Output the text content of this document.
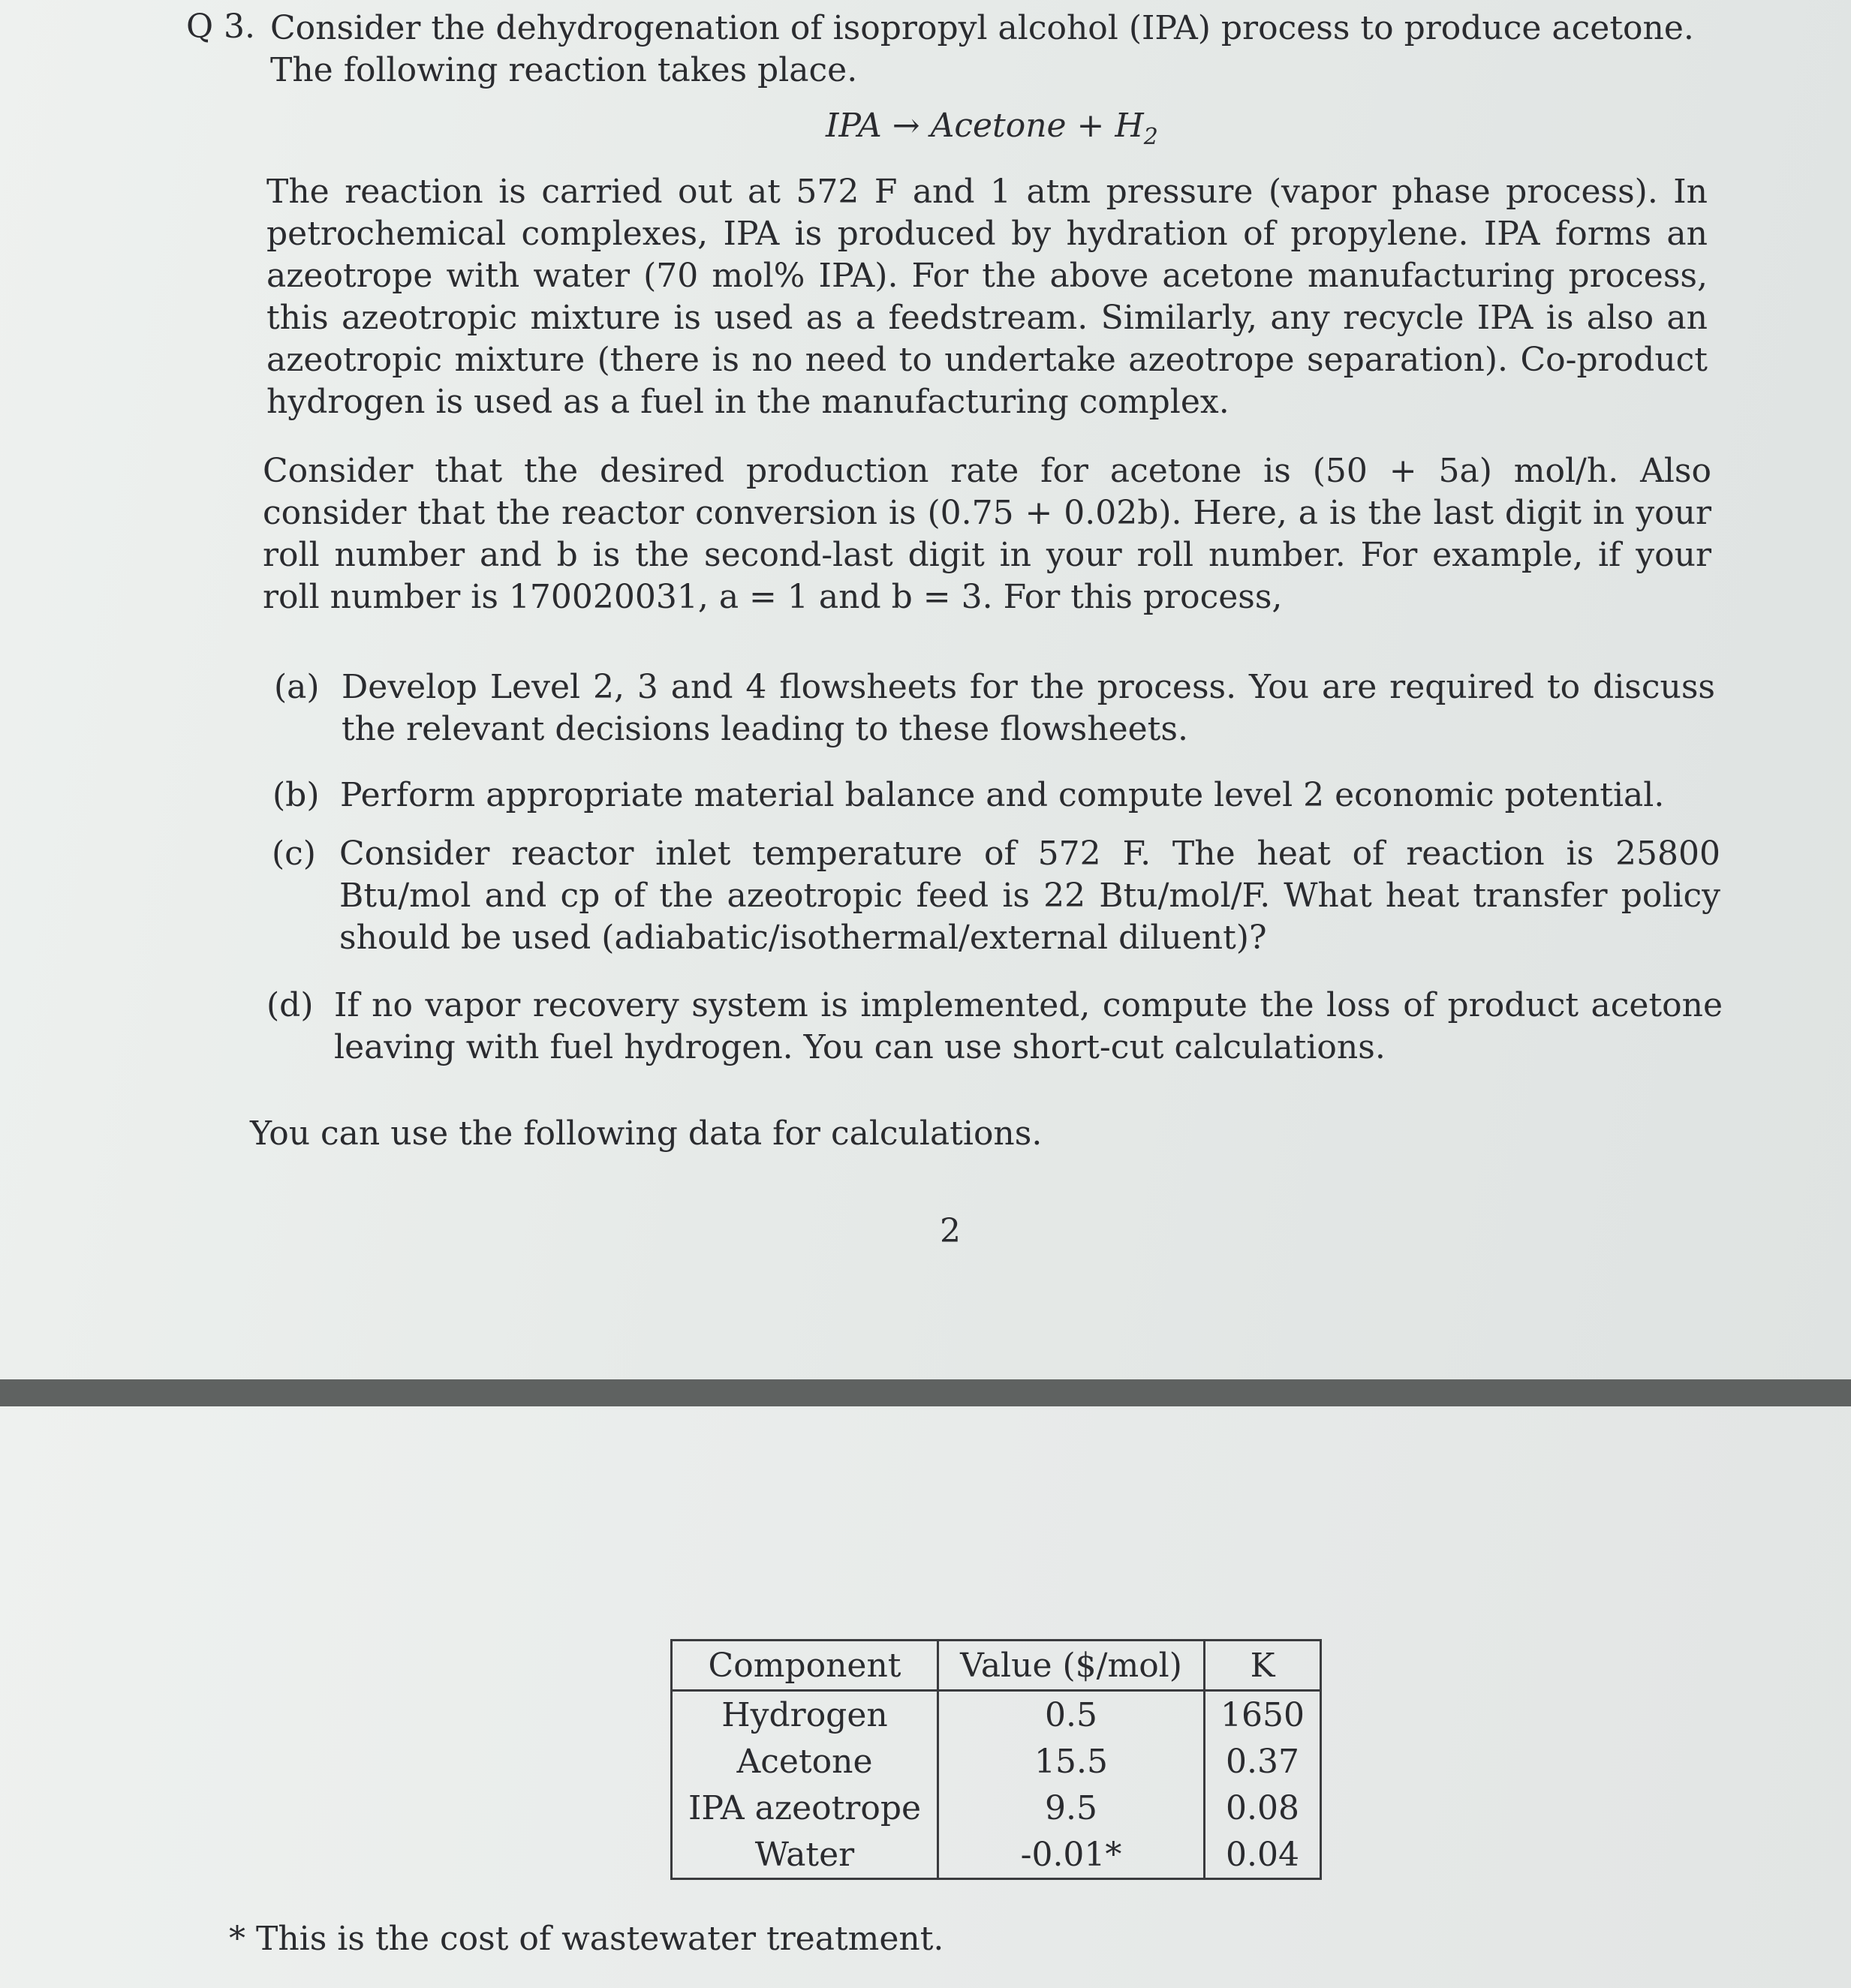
Q 3. Consider the dehydrogenation of isopropyl alcohol (IPA) process to produce acetone. The following reaction takes place.

IPA → Acetone + $H_2$

The reaction is carried out at 572 F and 1 atm pressure (vapor phase process). In petrochemical complexes, IPA is produced by hydration of propylene. IPA forms an azeotrope with water (70 mol% IPA). For the above acetone manufacturing process, this azeotropic mixture is used as a feedstream. Similarly, any recycle IPA is also an azeotropic mixture (there is no need to undertake azeotrope separation). Co-product hydrogen is used as a fuel in the manufacturing complex.

Consider that the desired production rate for acetone is (50 + 5a) mol/h. Also consider that the reactor conversion is (0.75 + 0.02b). Here, a is the last digit in your roll number and b is the second-last digit in your roll number. For example, if your roll number is 170020031, a = 1 and b = 3. For this process,

(a) Develop Level 2, 3 and 4 flowsheets for the process. You are required to discuss the relevant decisions leading to these flowsheets.
(b) Perform appropriate material balance and compute level 2 economic potential.
(c) Consider reactor inlet temperature of 572 F. The heat of reaction is 25800 Btu/mol and cp of the azeotropic feed is 22 Btu/mol/F. What heat transfer policy should be used (adiabatic/isothermal/external diluent)?
(d) If no vapor recovery system is implemented, compute the loss of product acetone leaving with fuel hydrogen. You can use short-cut calculations.

You can use the following data for calculations.

2
Component	Value ($/mol)	K
Hydrogen	0.5	1650
Acetone	15.5	0.37
IPA azeotrope	9.5	0.08
Water	-0.01*	0.04
* This is the cost of wastewater treatment.
